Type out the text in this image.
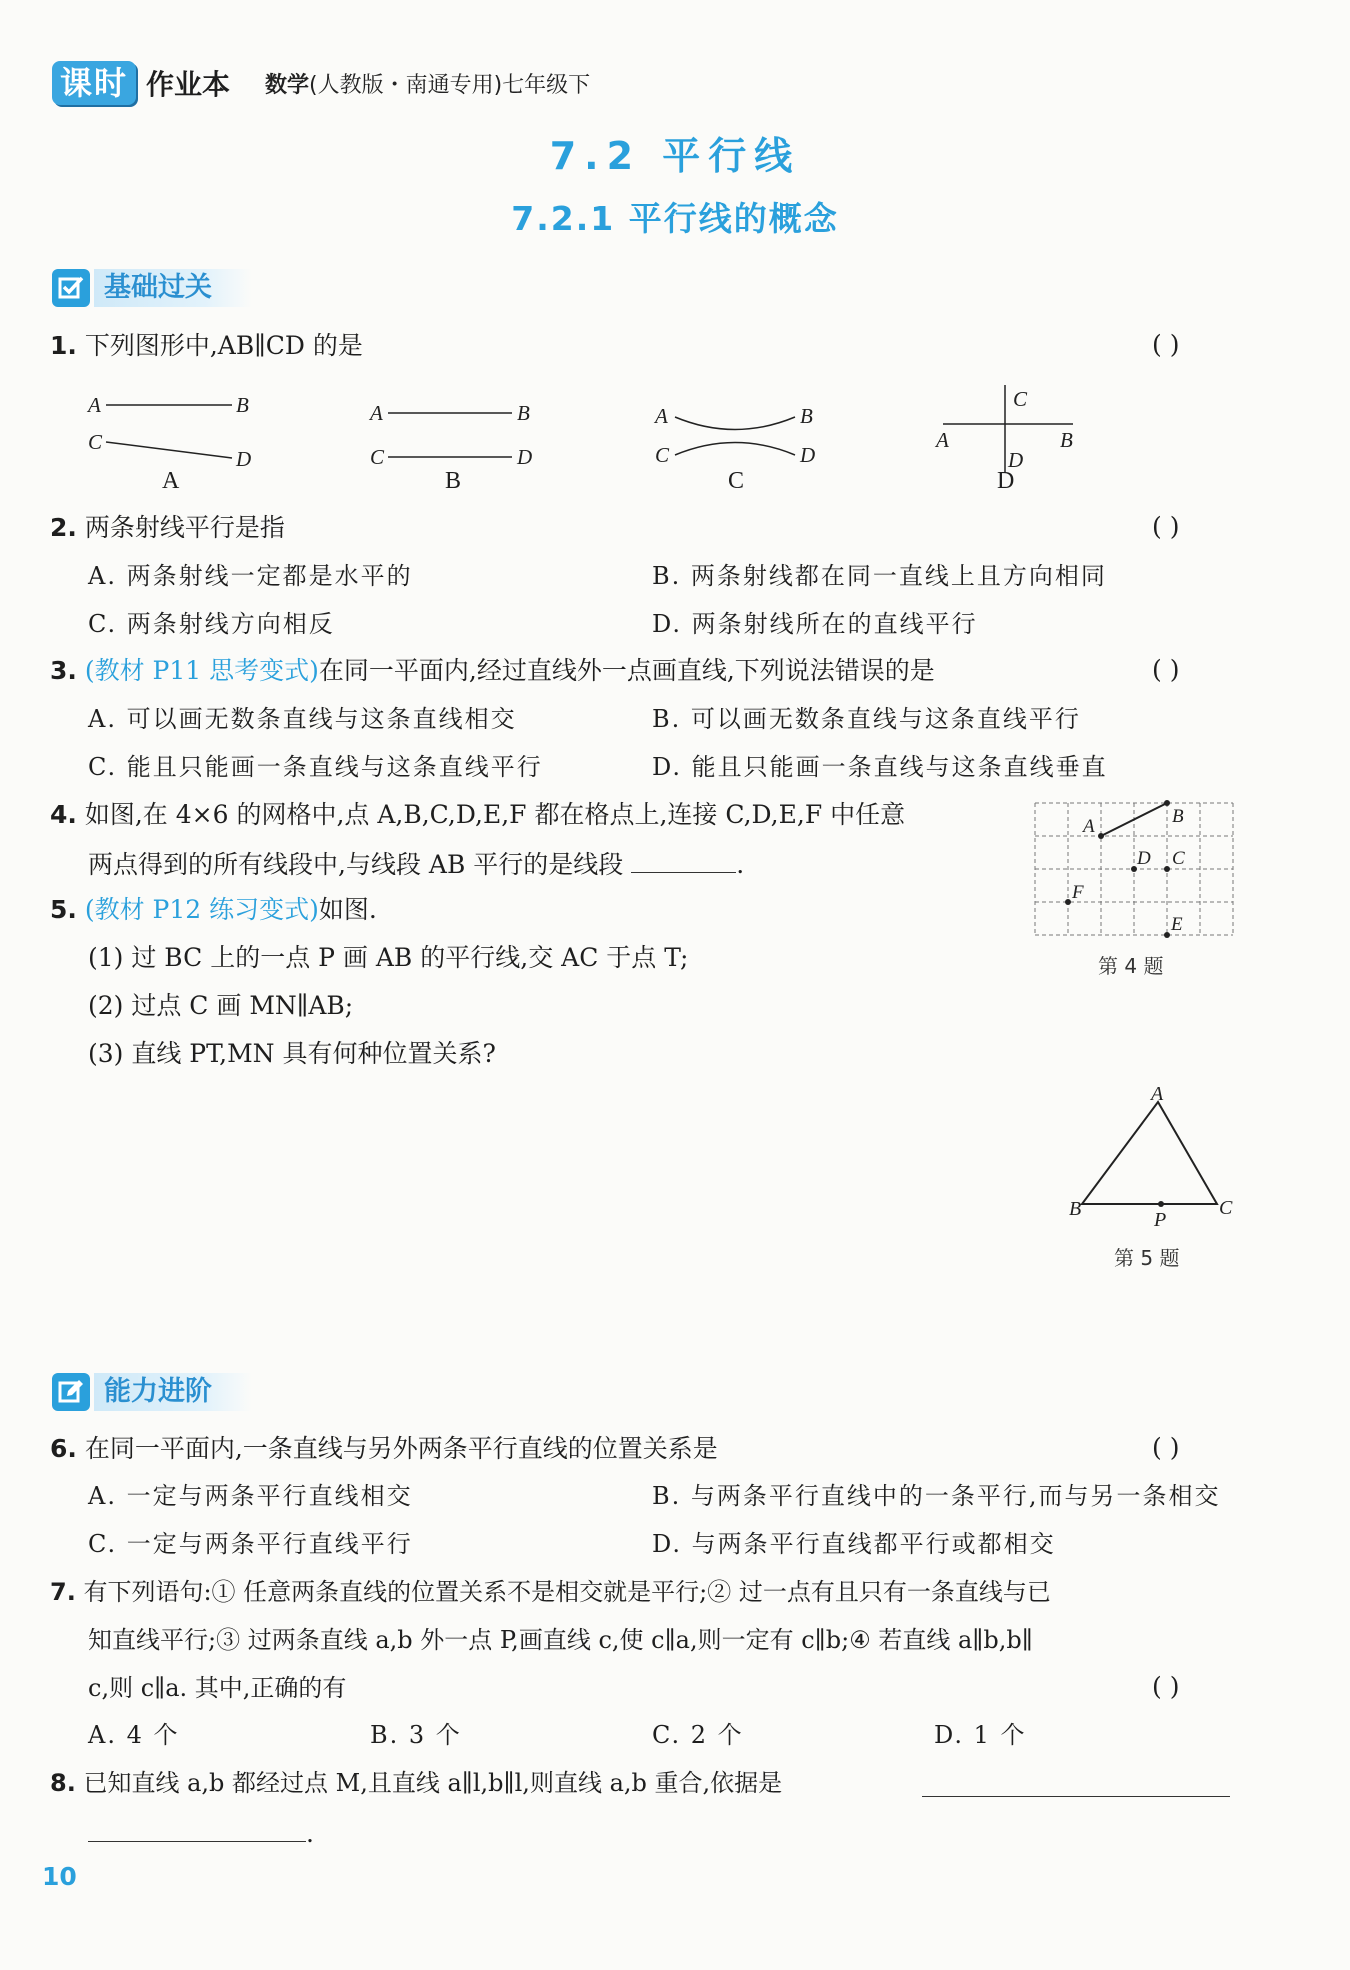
课时 作业本 数学(人教版・南通专用)七年级下
7.2 平行线
7.2.1 平行线的概念
基础过关
1. 下列图形中,AB∥CD 的是	( )
A	B
C
D
A	B
C	D
A	B
C	D
C
D
A	B
A	B	C	D
2. 两条射线平行是指	( )
A. 两条射线一定都是水平的	B. 两条射线都在同一直线上且方向相同
C. 两条射线方向相反	D. 两条射线所在的直线平行
3. (教材 P11 思考变式)在同一平面内,经过直线外一点画直线,下列说法错误的是	( )
A. 可以画无数条直线与这条直线相交	B. 可以画无数条直线与这条直线平行
C. 能且只能画一条直线与这条直线平行	D. 能且只能画一条直线与这条直线垂直
4. 如图,在 4×6 的网格中,点 A,B,C,D,E,F 都在格点上,连接 C,D,E,F 中任意
两点得到的所有线段中,与线段 AB 平行的是线段	.
A	B
C
D
E
F
第 4 题
5. (教材 P12 练习变式)如图.
(1) 过 BC 上的一点 P 画 AB 的平行线,交 AC 于点 T;
(2) 过点 C 画 MN∥AB;
(3) 直线 PT,MN 具有何种位置关系?
A
B	C
P
第 5 题
能力进阶
6. 在同一平面内,一条直线与另外两条平行直线的位置关系是	( )
A. 一定与两条平行直线相交	B. 与两条平行直线中的一条平行,而与另一条相交
C. 一定与两条平行直线平行	D. 与两条平行直线都平行或都相交
7. 有下列语句:① 任意两条直线的位置关系不是相交就是平行;② 过一点有且只有一条直线与已
知直线平行;③ 过两条直线 a,b 外一点 P,画直线 c,使 c∥a,则一定有 c∥b;④ 若直线 a∥b,b∥
c,则 c∥a. 其中,正确的有	( )
A. 4 个	B. 3 个	C. 2 个	D. 1 个
8. 已知直线 a,b 都经过点 M,且直线 a∥l,b∥l,则直线 a,b 重合,依据是
.
10
